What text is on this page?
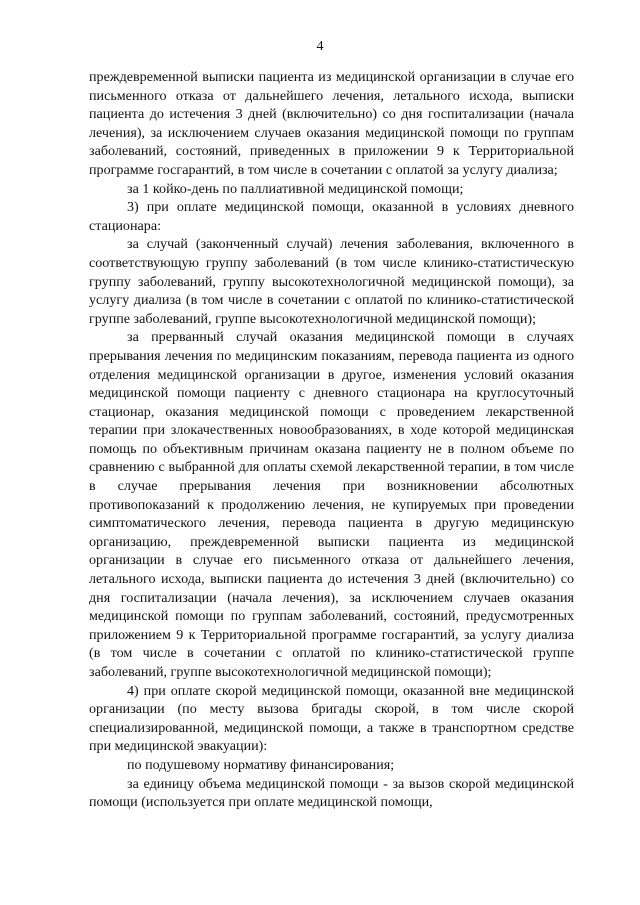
4

преждевременной выписки пациента из медицинской организации в случае его письменного отказа от дальнейшего лечения, летального исхода, выписки пациента до истечения 3 дней (включительно) со дня госпитализации (начала лечения), за исключением случаев оказания медицинской помощи по группам заболеваний, состояний, приведенных в приложении 9 к Территориальной программе госгарантий, в том числе в сочетании с оплатой за услугу диализа;

за 1 койко-день по паллиативной медицинской помощи;

3) при оплате медицинской помощи, оказанной в условиях дневного стационара:

за случай (законченный случай) лечения заболевания, включенного в соответствующую группу заболеваний (в том числе клинико-статистическую группу заболеваний, группу высокотехнологичной медицинской помощи), за услугу диализа (в том числе в сочетании с оплатой по клинико-статистической группе заболеваний, группе высокотехнологичной медицинской помощи);

за прерванный случай оказания медицинской помощи в случаях прерывания лечения по медицинским показаниям, перевода пациента из одного отделения медицинской организации в другое, изменения условий оказания медицинской помощи пациенту с дневного стационара на круглосуточный стационар, оказания медицинской помощи с проведением лекарственной терапии при злокачественных новообразованиях, в ходе которой медицинская помощь по объективным причинам оказана пациенту не в полном объеме по сравнению с выбранной для оплаты схемой лекарственной терапии, в том числе в случае прерывания лечения при возникновении абсолютных противопоказаний к продолжению лечения, не купируемых при проведении симптоматического лечения, перевода пациента в другую медицинскую организацию, преждевременной выписки пациента из медицинской организации в случае его письменного отказа от дальнейшего лечения, летального исхода, выписки пациента до истечения 3 дней (включительно) со дня госпитализации (начала лечения), за исключением случаев оказания медицинской помощи по группам заболеваний, состояний, предусмотренных приложением 9 к Территориальной программе госгарантий, за услугу диализа (в том числе в сочетании с оплатой по клинико-статистической группе заболеваний, группе высокотехнологичной медицинской помощи);

4) при оплате скорой медицинской помощи, оказанной вне медицинской организации (по месту вызова бригады скорой, в том числе скорой специализированной, медицинской помощи, а также в транспортном средстве при медицинской эвакуации):

по подушевому нормативу финансирования;

за единицу объема медицинской помощи - за вызов скорой медицинской помощи (используется при оплате медицинской помощи,
